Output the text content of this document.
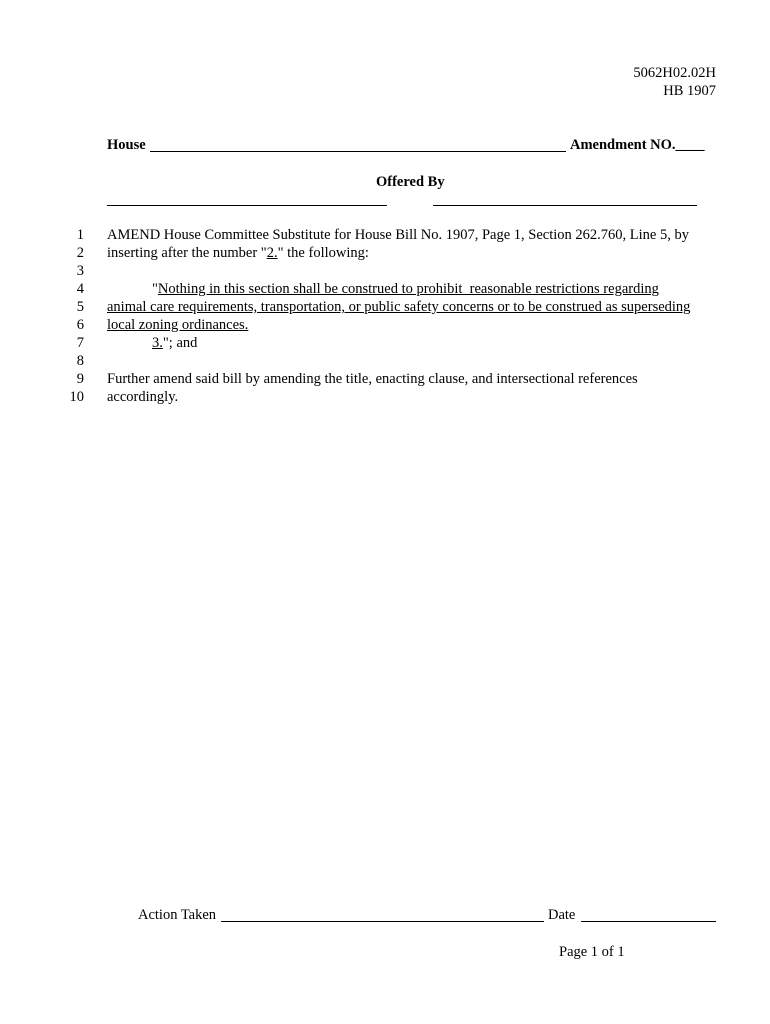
5062H02.02H
HB 1907
House	Amendment NO.____
Offered By
1
2
3
4
5
6
7
8
9
10
AMEND House Committee Substitute for House Bill No. 1907, Page 1, Section 262.760, Line 5, by
inserting after the number "2." the following:
"Nothing in this section shall be construed to prohibit  reasonable restrictions regarding
animal care requirements, transportation, or public safety concerns or to be construed as superseding
local zoning ordinances.
3."; and
Further amend said bill by amending the title, enacting clause, and intersectional references
accordingly.
Action Taken	Date
Page 1 of 1
